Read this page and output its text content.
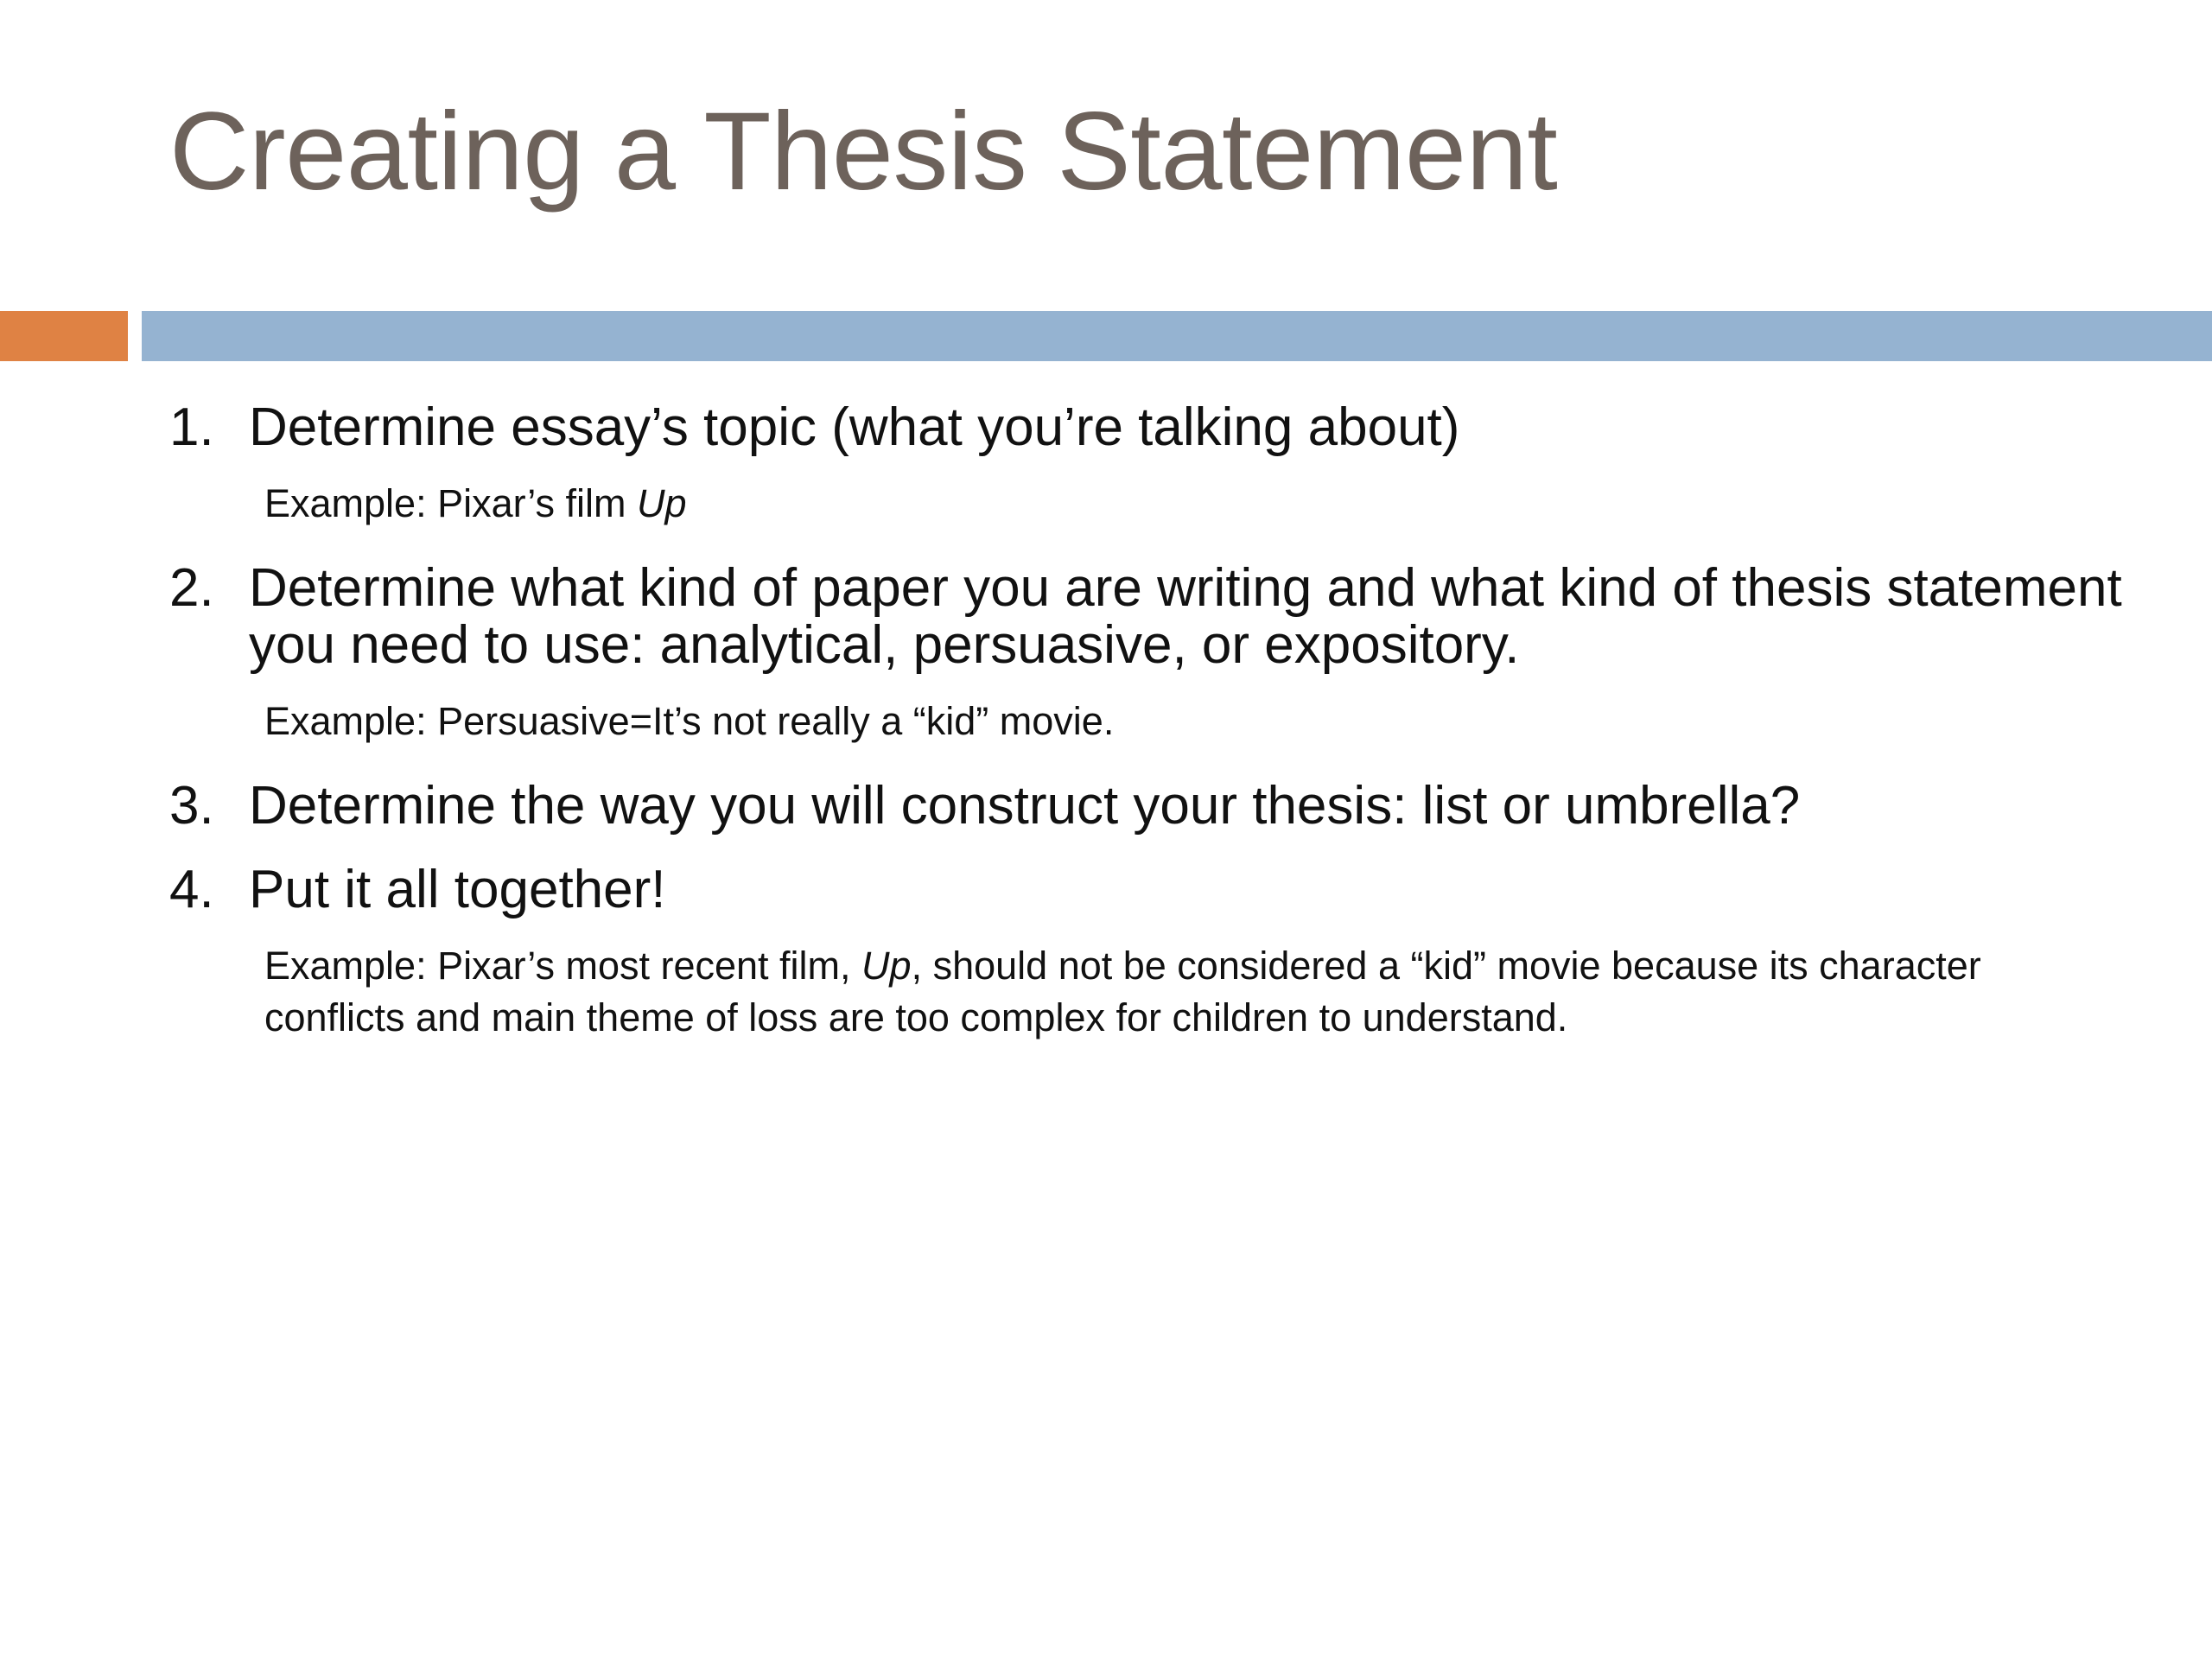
Creating a Thesis Statement
1. Determine essay’s topic (what you’re talking about)
Example: Pixar’s film Up
2. Determine what kind of paper you are writing and what kind of thesis statement you need to use: analytical, persuasive, or expository.
Example: Persuasive=It’s not really a “kid” movie.
3. Determine the way you will construct your thesis: list or umbrella?
4. Put it all together!
Example: Pixar’s most recent film, Up, should not be considered a “kid” movie because its character conflicts and main theme of loss are too complex for children to understand.
